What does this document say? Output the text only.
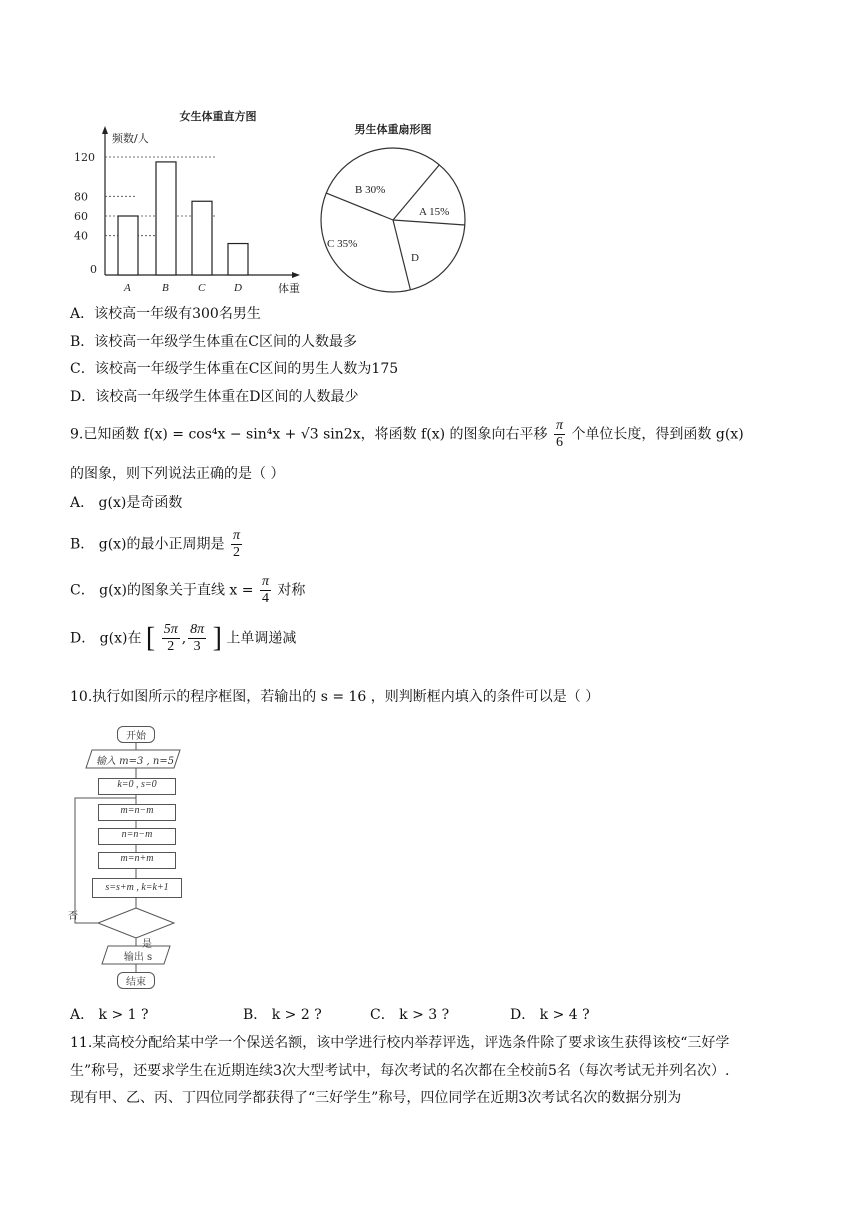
女生体重直方图
频数/人
体重
0
120
80
60
40
A	B	C	D
男生体重扇形图
A 15%
D
C 35%
B 30%
A．该校高一年级有300名男生
B．该校高一年级学生体重在C区间的人数最多
C．该校高一年级学生体重在C区间的男生人数为175
D．该校高一年级学生体重在D区间的人数最少
9.已知函数 f(x) = cos⁴x − sin⁴x + √3 sin2x，将函数 f(x) 的图象向右平移 $\frac{\pi}{6}$ 个单位长度，得到函数 g(x)
的图象，则下列说法正确的是（ ）
A． g(x)是奇函数
B． g(x)的最小正周期是 $\frac{\pi}{2}$
C． g(x)的图象关于直线 $x = \frac{\pi}{4}$ 对称
D． g(x)在 [ $\frac{5\pi}{2}$ , $\frac{8\pi}{3}$ ] 上单调递减
10.执行如图所示的程序框图，若输出的 s = 16 ，则判断框内填入的条件可以是（ ）
开始
输入 m=3 , n=5
k=0 , s=0
m=n−m
n=n−m
m=n+m
s=s+m , k=k+1
否
是
输出 s
结束
A． k > 1 ?	B． k > 2 ?	C． k > 3 ?	D． k > 4 ?
11.某高校分配给某中学一个保送名额，该中学进行校内举荐评选，评选条件除了要求该生获得该校“三好学
生”称号，还要求学生在近期连续3次大型考试中，每次考试的名次都在全校前5名（每次考试无并列名次）.
现有甲、乙、丙、丁四位同学都获得了“三好学生”称号，四位同学在近期3次考试名次的数据分别为
